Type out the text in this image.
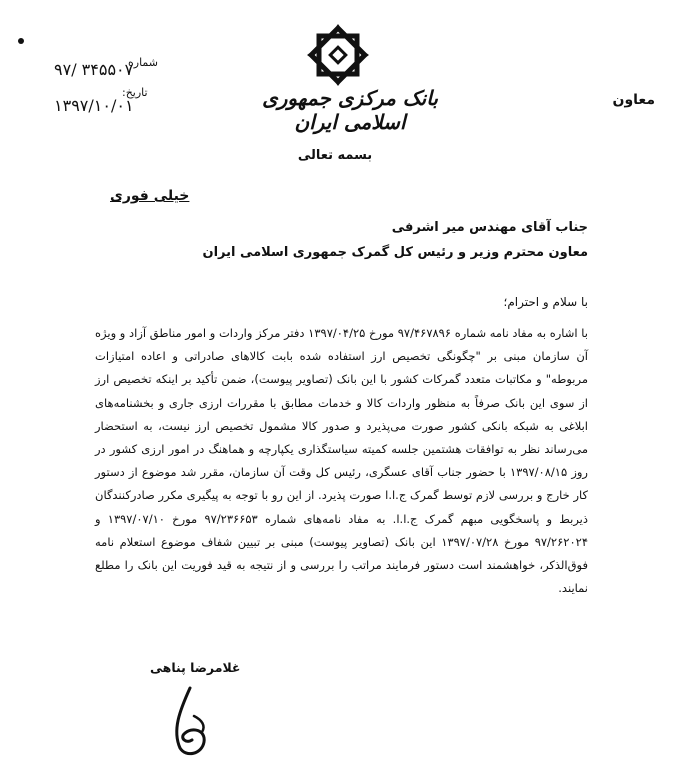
شماره
۹۷/ ۳۴۵۵۰۷
تاریخ:
۱۳۹۷/۱۰/۰۱	بانک مرکزی جمهوری اسلامی ایران
معاون
بسمه تعالی
خیلی فوری
جناب آقای مهندس میر اشرفی
معاون محترم وزیر و رئیس کل گمرک جمهوری اسلامی ایران
با سلام و احترام؛

با اشاره به مفاد نامه شماره ۹۷/۴۶۷۸۹۶ مورخ ۱۳۹۷/۰۴/۲۵ دفتر مرکز واردات و امور مناطق آزاد و ویژه آن سازمان مبنی بر "چگونگی تخصیص ارز استفاده شده بابت کالاهای صادراتی و اعاده امتیازات مربوطه" و مکاتبات متعدد گمرکات کشور با این بانک (تصاویر پیوست)، ضمن تأکید بر اینکه تخصیص ارز از سوی این بانک صرفاً به منظور واردات کالا و خدمات مطابق با مقررات ارزی جاری و بخشنامه‌های ابلاغی به شبکه بانکی کشور صورت می‌پذیرد و صدور کالا مشمول تخصیص ارز نیست، به استحضار می‌رساند نظر به توافقات هشتمین جلسه کمیته سیاستگذاری یکپارچه و هماهنگ در امور ارزی کشور در روز ۱۳۹۷/۰۸/۱۵ با حضور جناب آقای عسگری، رئیس کل وقت آن سازمان، مقرر شد موضوع از دستور کار خارج و بررسی لازم توسط گمرک ج.ا.ا صورت پذیرد. از این رو با توجه به پیگیری مکرر صادرکنندگان ذیربط و پاسخگویی مبهم گمرک ج.ا.ا. به مفاد نامه‌های شماره ۹۷/۲۳۶۶۵۳ مورخ ۱۳۹۷/۰۷/۱۰ و ۹۷/۲۶۲۰۲۴ مورخ ۱۳۹۷/۰۷/۲۸ این بانک (تصاویر پیوست) مبنی بر تبیین شفاف موضوع استعلام نامه فوق‌الذکر، خواهشمند است دستور فرمایند مراتب را بررسی و از نتیجه به قید فوریت این بانک را مطلع نمایند.

غلامرضا پناهی
